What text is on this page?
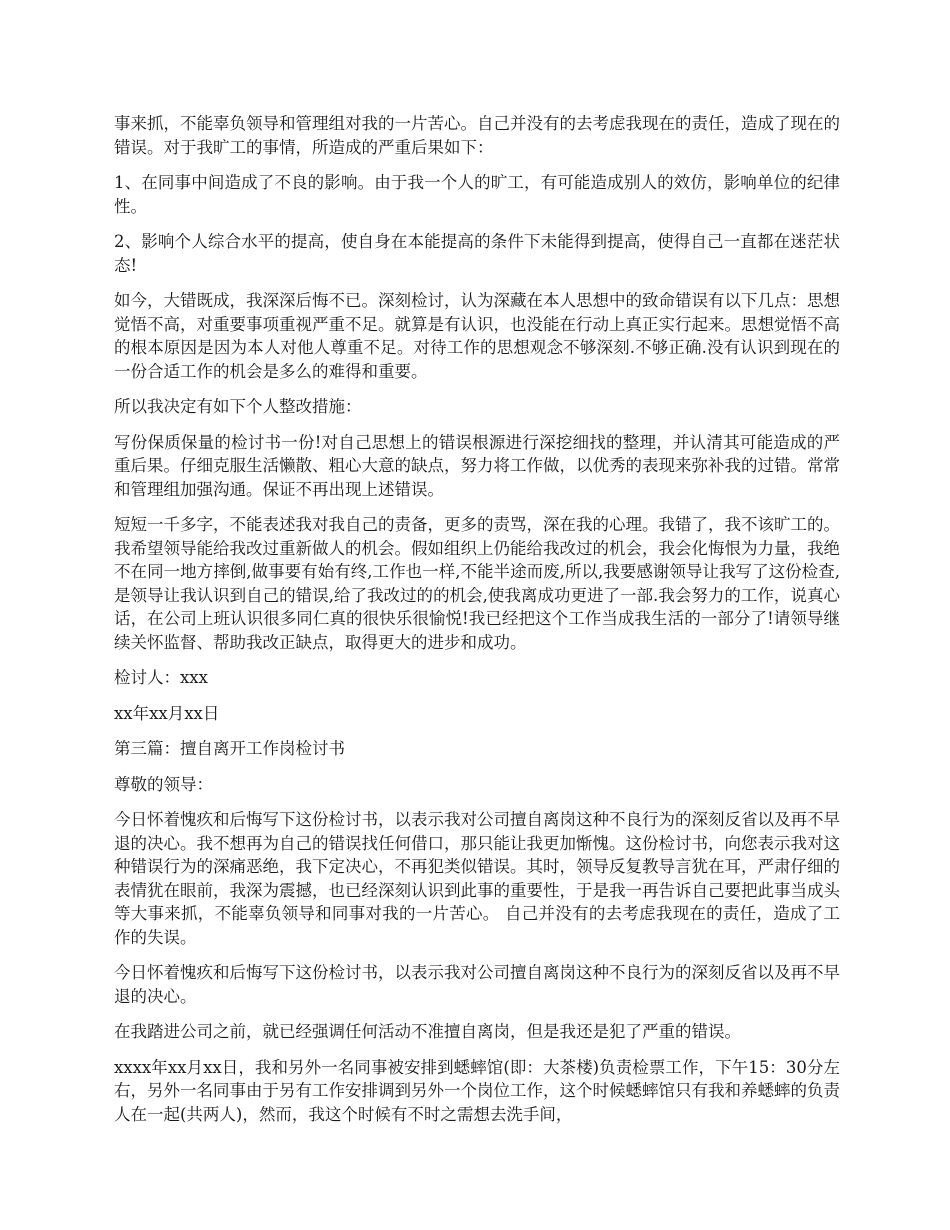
事来抓，不能辜负领导和管理组对我的一片苦心。自己并没有的去考虑我现在的责任，造成了现在的错误。对于我旷工的事情，所造成的严重后果如下：

1、在同事中间造成了不良的影响。由于我一个人的旷工，有可能造成别人的效仿，影响单位的纪律性。

2、影响个人综合水平的提高，使自身在本能提高的条件下未能得到提高，使得自己一直都在迷茫状态!

如今，大错既成，我深深后悔不已。深刻检讨，认为深藏在本人思想中的致命错误有以下几点：思想觉悟不高，对重要事项重视严重不足。就算是有认识，也没能在行动上真正实行起来。思想觉悟不高的根本原因是因为本人对他人尊重不足。对待工作的思想观念不够深刻.不够正确.没有认识到现在的一份合适工作的机会是多么的难得和重要。

所以我决定有如下个人整改措施：

写份保质保量的检讨书一份!对自己思想上的错误根源进行深挖细找的整理，并认清其可能造成的严重后果。仔细克服生活懒散、粗心大意的缺点，努力将工作做，以优秀的表现来弥补我的过错。常常和管理组加强沟通。保证不再出现上述错误。

短短一千多字，不能表述我对我自己的责备，更多的责骂，深在我的心理。我错了，我不该旷工的。我希望领导能给我改过重新做人的机会。假如组织上仍能给我改过的机会，我会化悔恨为力量，我绝不在同一地方摔倒,做事要有始有终,工作也一样,不能半途而废,所以,我要感谢领导让我写了这份检查,是领导让我认识到自己的错误,给了我改过的的机会,使我离成功更进了一部.我会努力的工作，说真心话，在公司上班认识很多同仁真的很快乐很愉悦!我已经把这个工作当成我生活的一部分了!请领导继续关怀监督、帮助我改正缺点，取得更大的进步和成功。

检讨人：xxx

xx年xx月xx日

第三篇：擅自离开工作岗检讨书

尊敬的领导：

今日怀着愧疚和后悔写下这份检讨书，以表示我对公司擅自离岗这种不良行为的深刻反省以及再不早退的决心。我不想再为自己的错误找任何借口，那只能让我更加惭愧。这份检讨书，向您表示我对这种错误行为的深痛恶绝，我下定决心，不再犯类似错误。其时，领导反复教导言犹在耳，严肃仔细的表情犹在眼前，我深为震撼，也已经深刻认识到此事的重要性，于是我一再告诉自己要把此事当成头等大事来抓，不能辜负领导和同事对我的一片苦心。 自己并没有的去考虑我现在的责任，造成了工作的失误。

今日怀着愧疚和后悔写下这份检讨书，以表示我对公司擅自离岗这种不良行为的深刻反省以及再不早退的决心。

在我踏进公司之前，就已经强调任何活动不准擅自离岗，但是我还是犯了严重的错误。

xxxx年xx月xx日，我和另外一名同事被安排到蟋蟀馆(即：大茶楼)负责检票工作，下午15：30分左右，另外一名同事由于另有工作安排调到另外一个岗位工作，这个时候蟋蟀馆只有我和养蟋蟀的负责人在一起(共两人)，然而，我这个时候有不时之需想去洗手间，
